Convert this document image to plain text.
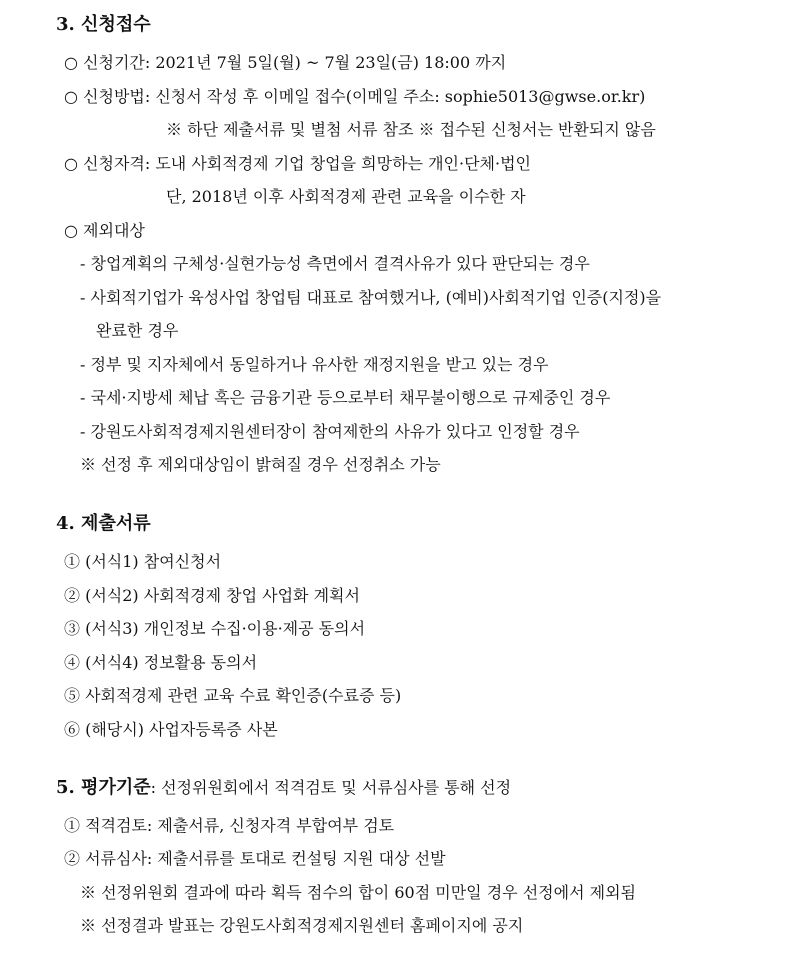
3. 신청접수
○ 신청기간: 2021년 7월 5일(월) ~ 7월 23일(금) 18:00 까지
○ 신청방법: 신청서 작성 후 이메일 접수(이메일 주소: sophie5013@gwse.or.kr)
※ 하단 제출서류 및 별첨 서류 참조 ※ 접수된 신청서는 반환되지 않음
○ 신청자격: 도내 사회적경제 기업 창업을 희망하는 개인·단체·법인
단, 2018년 이후 사회적경제 관련 교육을 이수한 자
○ 제외대상
- 창업계획의 구체성·실현가능성 측면에서 결격사유가 있다 판단되는 경우
- 사회적기업가 육성사업 창업팀 대표로 참여했거나, (예비)사회적기업 인증(지정)을
완료한 경우
- 정부 및 지자체에서 동일하거나 유사한 재정지원을 받고 있는 경우
- 국세·지방세 체납 혹은 금융기관 등으로부터 채무불이행으로 규제중인 경우
- 강원도사회적경제지원센터장이 참여제한의 사유가 있다고 인정할 경우
※ 선정 후 제외대상임이 밝혀질 경우 선정취소 가능
4. 제출서류
① (서식1) 참여신청서
② (서식2) 사회적경제 창업 사업화 계획서
③ (서식3) 개인정보 수집·이용·제공 동의서
④ (서식4) 정보활용 동의서
⑤ 사회적경제 관련 교육 수료 확인증(수료증 등)
⑥ (해당시) 사업자등록증 사본
5. 평가기준: 선정위원회에서 적격검토 및 서류심사를 통해 선정
① 적격검토: 제출서류, 신청자격 부합여부 검토
② 서류심사: 제출서류를 토대로 컨설팅 지원 대상 선발
※ 선정위원회 결과에 따라 획득 점수의 합이 60점 미만일 경우 선정에서 제외됨
※ 선정결과 발표는 강원도사회적경제지원센터 홈페이지에 공지
